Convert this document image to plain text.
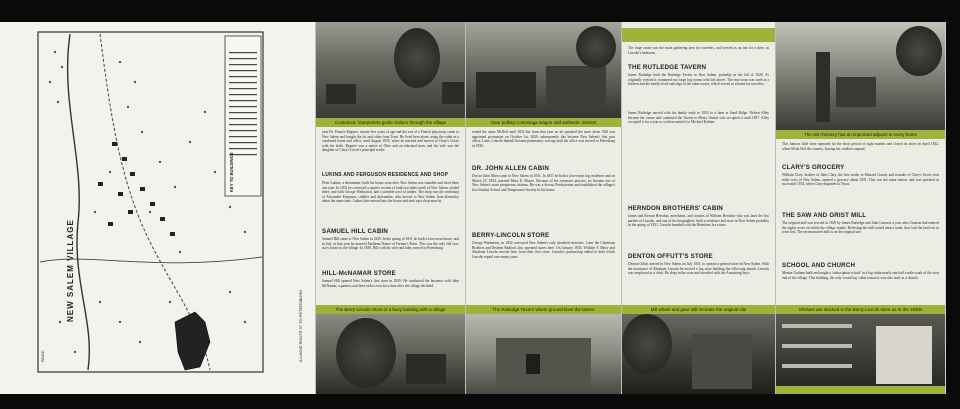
NEW SALEM VILLAGE
ROAD	ILLINOIS ROUTE 97 TO PETERSBURG
KEY TO BUILDINGS
Costumed, interpreters guide visitors through the village
year Dr. Francis Regnier, twenty-five years of age and the son of a French physician, came to New Salem and bought the lot and cabin from Trent. He lived here alone, using the cabin as a combined home and office, until August 1835, when he married and moved to Clary's Grove with his bride. Regnier was a native of Ohio and an educated man, and his wife was the daughter of Clary's Grove's principal settler.
LUKINS AND FERGUSON RESIDENCE AND SHOP
Peter Lukins, a shoemaker, built his house soon after New Salem was founded and lived there one year. In 1832 he conveyed a quarter section of land two miles north of New Salem, settled there, and with George Warburton, had a sizeable tract of timber. The shop was the workshop of Alexander Ferguson, cobbler and shoemaker, who moved to New Salem from Kentucky about the same time. Lukins later moved into the house and took up a shop near by.
SAMUEL HILL CABIN
Samuel Hill came to New Salem in 1829. In the spring of 1831 he built a four-room house, and in July of that year he married Parthena Nance of Farmer's Point. This was the only full two-story house in the village. In 1839, Hill with his wife and baby moved to Petersburg.
HILL-McNAMAR STORE
Samuel Hill opened New Salem's first store in 1829. He conducted the business with John McNamar, a partner, and later on his own for a time after the village declined.
The Berry-Lincoln Store is a busy building with a village
Gear pulling Conestoga wagon add authentic interest
rented the same McNeil until 1832 but from that year on he operated the store alone. Hill was appointed postmaster on October 1st, 1829, subsequently this became New Salem's first post office. Later, Lincoln himself became postmaster, serving until the office was moved to Petersburg in 1836.
DR. JOHN ALLEN CABIN
Doctor John Allen came to New Salem in 1831. In 1831 he built a four-room log residence and on March 25, 1834, married Mary E. Moore. Because of his extensive practice, he became one of New Salem's most prosperous citizens. He was a devout Presbyterian and established the village's first Sunday School and Temperance Society in his house.
BERRY-LINCOLN STORE
George Warburton, in 1832 conveyed New Salem's only sheathed structure. Later the Christians Brothers and Reuben Radford also operated stores here. On January 1833, William F. Berry and Abraham Lincoln moved here from their first store. Lincoln's partnership ended in debt which Lincoln repaid over many years.
The Rutledge Tavern where ground level the tavern
The large room was the main gathering area for travelers, and served as an inn for a time, as Lincoln's bedroom.
THE RUTLEDGE TAVERN
James Rutledge built the Rutledge Tavern in New Salem, probably in the fall of 1828. As originally erected it contained two large log rooms with loft above. The rear room was used as a kitchen and the family lived and slept in the other rooms, which served as a home for travelers.
James Rutledge moved with his family early in 1833 to a farm at Sand Ridge. Nelson Alley became the owner and continued the Tavern to Henry Onstot who occupied it until 1837. Alley occupied it for a year or so then rented it to Michael Keltner.
HERNDON BROTHERS' CABIN
James and Rowan Herndon, merchants, and cousins of William Herndon who was later the law partner of Lincoln, and one of his biographers, built a residence and store in New Salem probably in the spring of 1831. Lincoln boarded with the Herndons for a time.
DENTON OFFUTT'S STORE
Denton Offutt arrived in New Salem on July 1831, to operate a general store in New Salem. With the assistance of Abraham Lincoln he erected a log store building the following month. Lincoln was employed as a clerk. He slept in the store and wrestled with the Armstrong boys.
Mill wheel and gear still recreate the original site
The old chimney has an important adjunct in every home
This famous little store operated for the short period of eight months and closed its doors in April 1832, when Offutt fled the country, leaving his creditors unpaid.
CLARY'S GROCERY
William Clary, brother of John Clary, the first settler in Menard County and founder of Clary's Grove four miles west of New Salem, opened a 'grocery' about 1831. This was the same saloon, and was operated as such until 1834, when Clary migrated to Texas.
THE SAW AND GRIST MILL
The original mill was erected in 1829 by James Rutledge and John Camron, a year after Camron had entered the eighty acres on which the village stands. Believing the mill would attract trade, they laid the land out in town lots. The reconstructed mill is on the original site.
SCHOOL AND CHURCH
Mentor Graham built and taught a 'subscription school' in a log cabin nearly one half a mile south of the west end of the village. This building, the only 'round log' cabin restored, was also used as a church.
Shelves are stocked in the Berry-Lincoln store as in the 1830s
